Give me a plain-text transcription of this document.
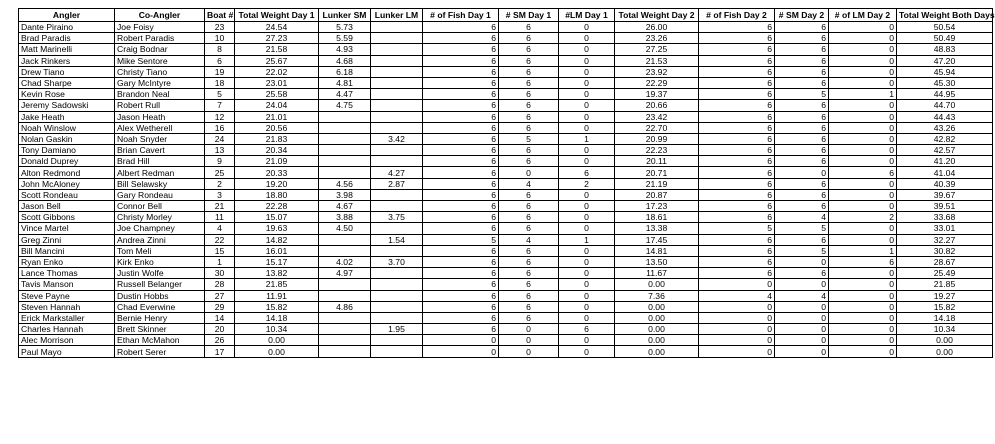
Angler	Co-Angler	Boat #	Total Weight Day 1	Lunker SM	Lunker LM	# of Fish Day 1	# SM Day 1	#LM Day 1	Total Weight Day 2	# of Fish Day 2	# SM Day 2	# of LM Day 2	Total Weight Both Days
Dante Piraino	Joe Foisy	23	24.54	5.73		6	6	0	26.00	6	6	0	50.54
Brad Paradis	Robert Paradis	10	27.23	5.59		6	6	0	23.26	6	6	0	50.49
Matt Marinelli	Craig Bodnar	8	21.58	4.93		6	6	0	27.25	6	6	0	48.83
Jack Rinkers	Mike Sentore	6	25.67	4.68		6	6	0	21.53	6	6	0	47.20
Drew Tiano	Christy Tiano	19	22.02	6.18		6	6	0	23.92	6	6	0	45.94
Chad Sharpe	Gary McIntyre	18	23.01	4.81		6	6	0	22.29	6	6	0	45.30
Kevin Rose	Brandon Neal	5	25.58	4.47		6	6	0	19.37	6	5	1	44.95
Jeremy Sadowski	Robert Rull	7	24.04	4.75		6	6	0	20.66	6	6	0	44.70
Jake Heath	Jason Heath	12	21.01			6	6	0	23.42	6	6	0	44.43
Noah Winslow	Alex Wetherell	16	20.56			6	6	0	22.70	6	6	0	43.26
Nolan Gaskin	Noah Snyder	24	21.83		3.42	6	5	1	20.99	6	6	0	42.82
Tony Damiano	Brian Cavert	13	20.34			6	6	0	22.23	6	6	0	42.57
Donald Duprey	Brad Hill	9	21.09			6	6	0	20.11	6	6	0	41.20
Alton Redmond	Albert Redman	25	20.33		4.27	6	0	6	20.71	6	0	6	41.04
John McAloney	Bill Selawsky	2	19.20	4.56	2.87	6	4	2	21.19	6	6	0	40.39
Scott Rondeau	Gary Rondeau	3	18.80	3.98		6	6	0	20.87	6	6	0	39.67
Jason Bell	Connor Bell	21	22.28	4.67		6	6	0	17.23	6	6	0	39.51
Scott Gibbons	Christy Morley	11	15.07	3.88	3.75	6	6	0	18.61	6	4	2	33.68
Vince Martel	Joe Champney	4	19.63	4.50		6	6	0	13.38	5	5	0	33.01
Greg Zinni	Andrea Zinni	22	14.82		1.54	5	4	1	17.45	6	6	0	32.27
Bill Mancini	Tom Meli	15	16.01			6	6	0	14.81	6	5	1	30.82
Ryan Enko	Kirk Enko	1	15.17	4.02	3.70	6	6	0	13.50	6	0	6	28.67
Lance Thomas	Justin Wolfe	30	13.82	4.97		6	6	0	11.67	6	6	0	25.49
Tavis Manson	Russell Belanger	28	21.85			6	6	0	0.00	0	0	0	21.85
Steve Payne	Dustin Hobbs	27	11.91			6	6	0	7.36	4	4	0	19.27
Steven Hannah	Chad Everwine	29	15.82	4.86		6	6	0	0.00	0	0	0	15.82
Erick Markstaller	Bernie Henry	14	14.18			6	6	0	0.00	0	0	0	14.18
Charles Hannah	Brett Skinner	20	10.34		1.95	6	0	6	0.00	0	0	0	10.34
Alec Morrison	Ethan McMahon	26	0.00			0	0	0	0.00	0	0	0	0.00
Paul Mayo	Robert Serer	17	0.00			0	0	0	0.00	0	0	0	0.00
